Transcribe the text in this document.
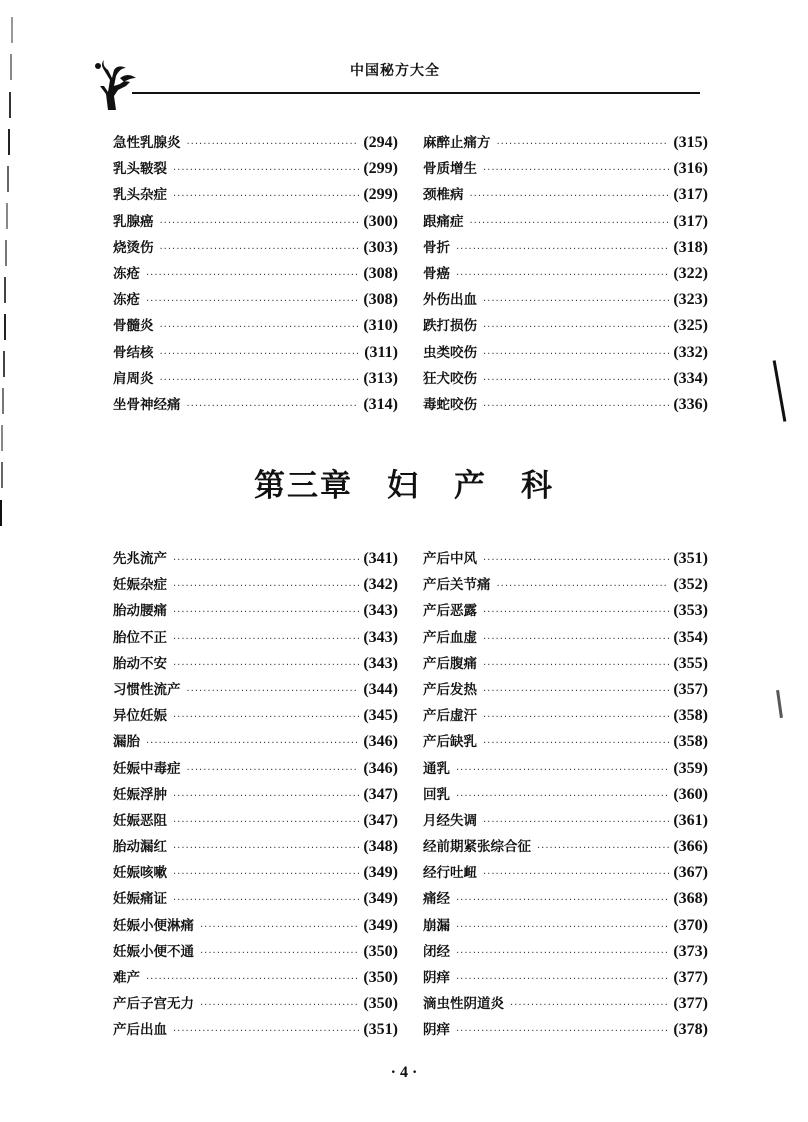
中国秘方大全
急性乳腺炎 ·····	(294)
乳头皲裂 ·····	(299)
乳头杂症 ·····	(299)
乳腺癌 ·····	(300)
烧烫伤 ·····	(303)
冻疮 ·····	(308)
冻疮 ·····	(308)
骨髓炎 ·····	(310)
骨结核 ·····	(311)
肩周炎 ·····	(313)
坐骨神经痛 ·····	(314)
麻醉止痛方 ·····	(315)
骨质增生 ·····	(316)
颈椎病 ·····	(317)
跟痛症 ·····	(317)
骨折 ·····	(318)
骨癌 ·····	(322)
外伤出血 ·····	(323)
跌打损伤 ·····	(325)
虫类咬伤 ·····	(332)
狂犬咬伤 ·····	(334)
毒蛇咬伤 ·····	(336)
第三章 妇 产 科
先兆流产 ·····	(341)
妊娠杂症 ·····	(342)
胎动腰痛 ·····	(343)
胎位不正 ·····	(343)
胎动不安 ·····	(343)
习惯性流产 ·····	(344)
异位妊娠 ·····	(345)
漏胎 ·····	(346)
妊娠中毒症 ·····	(346)
妊娠浮肿 ·····	(347)
妊娠恶阻 ·····	(347)
胎动漏红 ·····	(348)
妊娠咳嗽 ·····	(349)
妊娠痛证 ·····	(349)
妊娠小便淋痛 ·····	(349)
妊娠小便不通 ·····	(350)
难产 ·····	(350)
产后子宫无力 ·····	(350)
产后出血 ·····	(351)
产后中风 ·····	(351)
产后关节痛 ·····	(352)
产后恶露 ·····	(353)
产后血虚 ·····	(354)
产后腹痛 ·····	(355)
产后发热 ·····	(357)
产后虚汗 ·····	(358)
产后缺乳 ·····	(358)
通乳 ·····	(359)
回乳 ·····	(360)
月经失调 ·····	(361)
经前期紧张综合征 ·····	(366)
经行吐衄 ·····	(367)
痛经 ·····	(368)
崩漏 ·····	(370)
闭经 ·····	(373)
阴痒 ·····	(377)
滴虫性阴道炎 ·····	(377)
阴痒 ·····	(378)
· 4 ·
